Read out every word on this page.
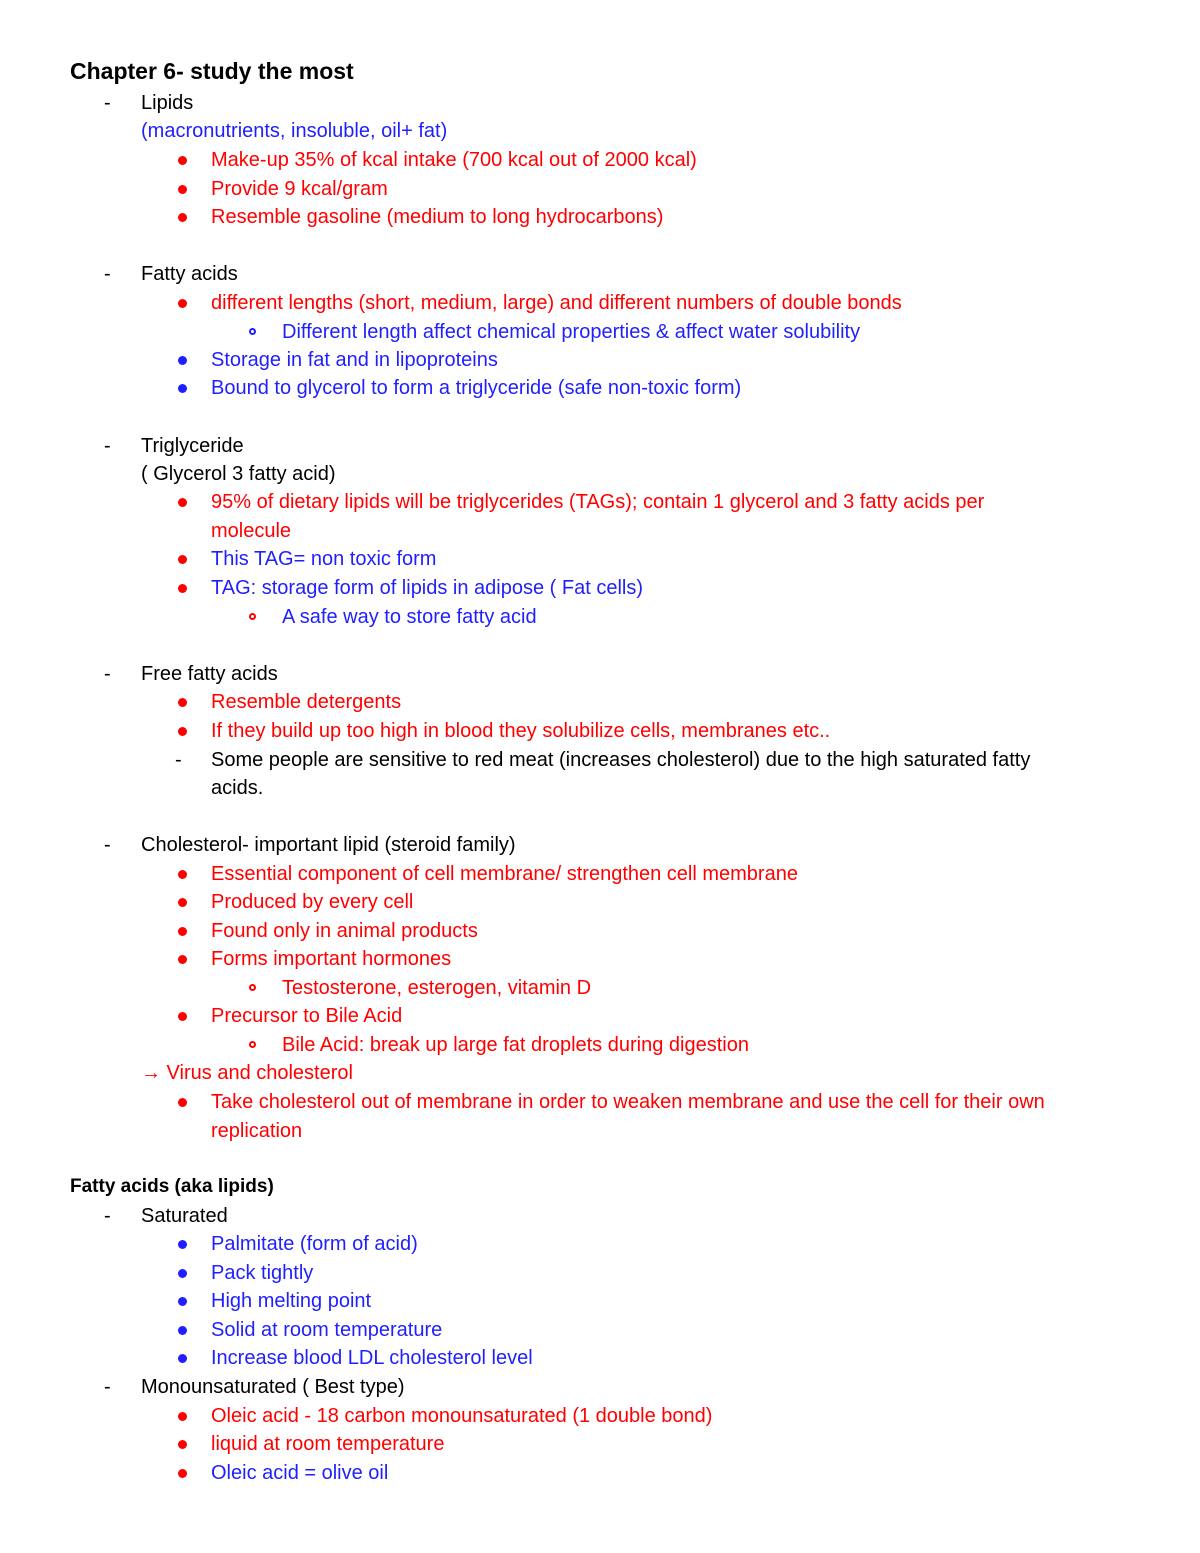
Chapter 6- study the most
-	Lipids
(macronutrients, insoluble, oil+ fat)
Make-up 35% of kcal intake (700 kcal out of 2000 kcal)
Provide 9 kcal/gram
Resemble gasoline (medium to long hydrocarbons)
-	Fatty acids
different lengths (short, medium, large) and different numbers of double bonds
Different length affect chemical properties & affect water solubility
Storage in fat and in lipoproteins
Bound to glycerol to form a triglyceride (safe non-toxic form)
-	Triglyceride
( Glycerol 3 fatty acid)
95% of dietary lipids will be triglycerides (TAGs); contain 1 glycerol and 3 fatty acids per
molecule
This TAG= non toxic form
TAG: storage form of lipids in adipose ( Fat cells)
A safe way to store fatty acid
-	Free fatty acids
Resemble detergents
If they build up too high in blood they solubilize cells, membranes etc..
-	Some people are sensitive to red meat (increases cholesterol) due to the high saturated fatty
acids.
-	Cholesterol- important lipid (steroid family)
Essential component of cell membrane/ strengthen cell membrane
Produced by every cell
Found only in animal products
Forms important hormones
Testosterone, esterogen, vitamin D
Precursor to Bile Acid
Bile Acid: break up large fat droplets during digestion
→ Virus and cholesterol
Take cholesterol out of membrane in order to weaken membrane and use the cell for their own
replication
Fatty acids (aka lipids)
-	Saturated
Palmitate (form of acid)
Pack tightly
High melting point
Solid at room temperature
Increase blood LDL cholesterol level
-	Monounsaturated ( Best type)
Oleic acid - 18 carbon monounsaturated (1 double bond)
liquid at room temperature
Oleic acid = olive oil
